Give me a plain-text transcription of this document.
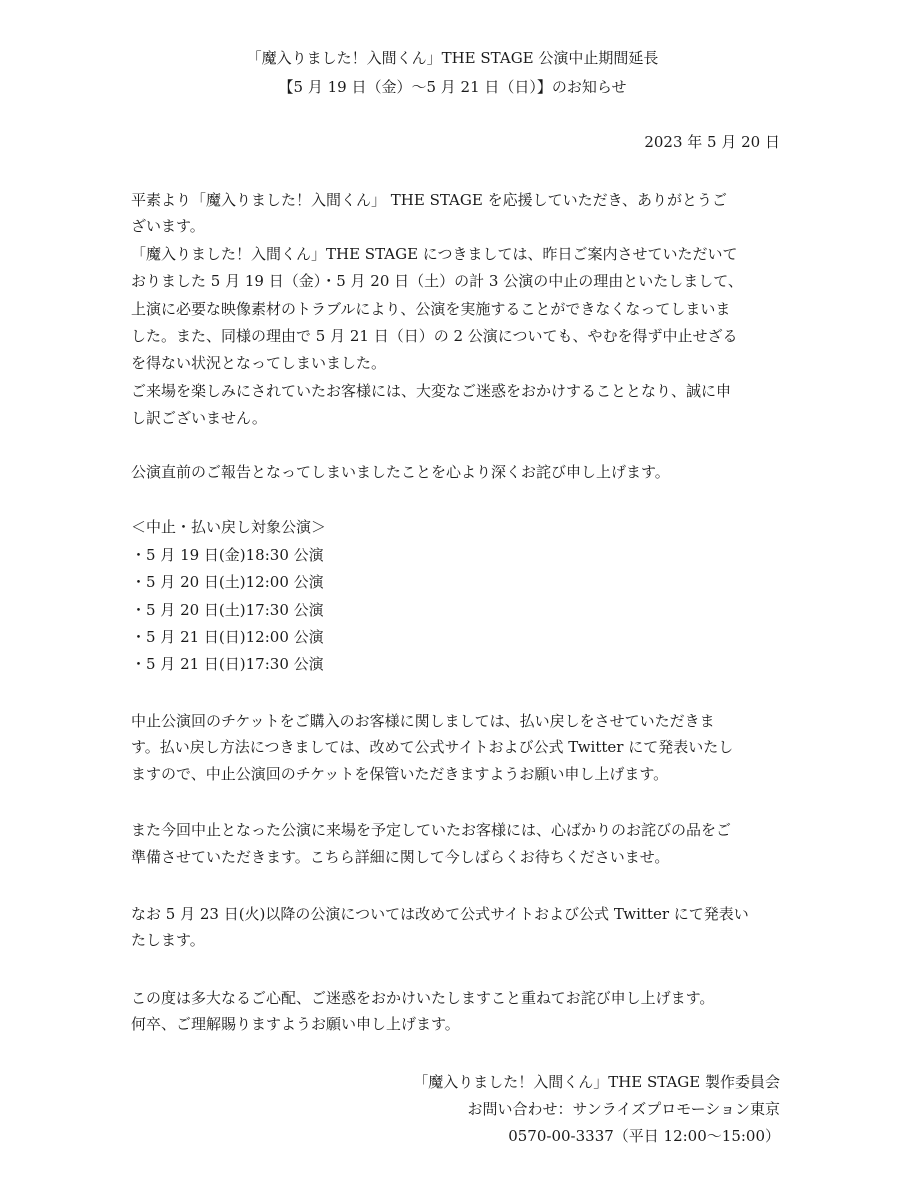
「魔入りました！入間くん」THE STAGE 公演中止期間延長
【5 月 19 日（金）～5 月 21 日（日）】のお知らせ
2023 年 5 月 20 日
平素より「魔入りました！入間くん」 THE STAGE を応援していただき、ありがとうご
ざいます。
「魔入りました！入間くん」THE STAGE につきましては、昨日ご案内させていただいて
おりました 5 月 19 日（金）・5 月 20 日（土）の計 3 公演の中止の理由といたしまして、
上演に必要な映像素材のトラブルにより、公演を実施することができなくなってしまいま
した。また、同様の理由で 5 月 21 日（日）の 2 公演についても、やむを得ず中止せざる
を得ない状況となってしまいました。
ご来場を楽しみにされていたお客様には、大変なご迷惑をおかけすることとなり、誠に申
し訳ございません。
公演直前のご報告となってしまいましたことを心より深くお詫び申し上げます。
＜中止・払い戻し対象公演＞
・5 月 19 日(金)18:30 公演
・5 月 20 日(土)12:00 公演
・5 月 20 日(土)17:30 公演
・5 月 21 日(日)12:00 公演
・5 月 21 日(日)17:30 公演
中止公演回のチケットをご購入のお客様に関しましては、払い戻しをさせていただきま
す。払い戻し方法につきましては、改めて公式サイトおよび公式 Twitter にて発表いたし
ますので、中止公演回のチケットを保管いただきますようお願い申し上げます。
また今回中止となった公演に来場を予定していたお客様には、心ばかりのお詫びの品をご
準備させていただきます。こちら詳細に関して今しばらくお待ちくださいませ。
なお 5 月 23 日(火)以降の公演については改めて公式サイトおよび公式 Twitter にて発表い
たします。
この度は多大なるご心配、ご迷惑をおかけいたしますこと重ねてお詫び申し上げます。
何卒、ご理解賜りますようお願い申し上げます。
「魔入りました！入間くん」THE STAGE 製作委員会
お問い合わせ：サンライズプロモーション東京
0570-00-3337（平日 12:00～15:00）
